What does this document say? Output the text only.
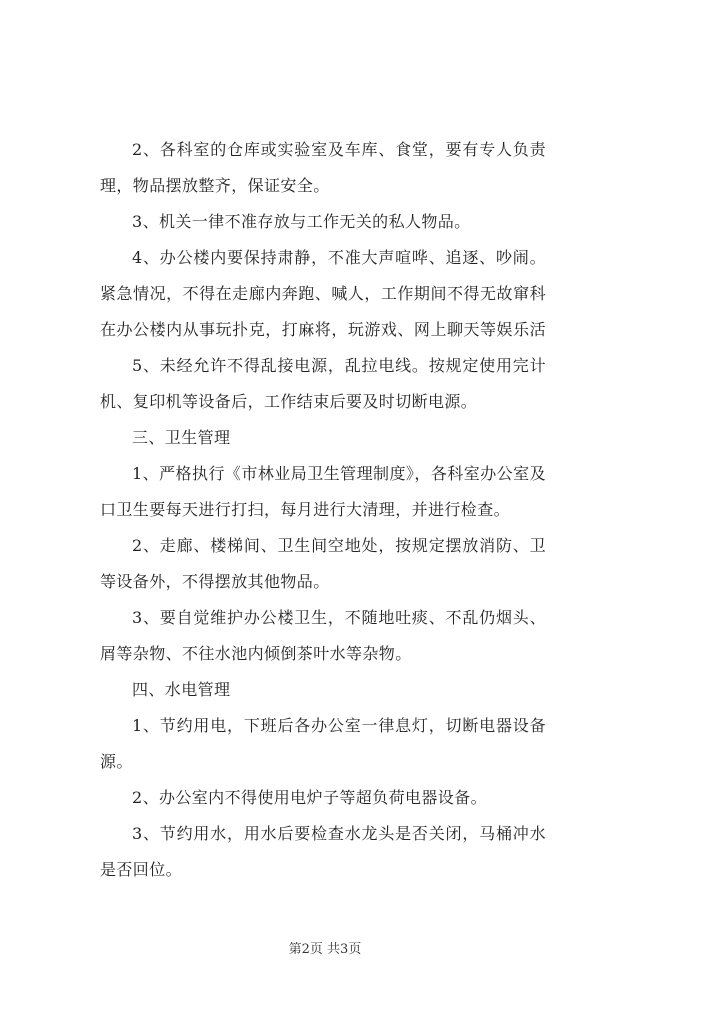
2、各科室的仓库或实验室及车库、食堂，要有专人负责
理，物品摆放整齐，保证安全。
3、机关一律不准存放与工作无关的私人物品。
4、办公楼内要保持肃静，不准大声喧哗、追逐、吵闹。
紧急情况，不得在走廊内奔跑、喊人，工作期间不得无故窜科
在办公楼内从事玩扑克，打麻将，玩游戏、网上聊天等娱乐活
5、未经允许不得乱接电源，乱拉电线。按规定使用完计
机、复印机等设备后，工作结束后要及时切断电源。
三、卫生管理
1、严格执行《市林业局卫生管理制度》，各科室办公室及
口卫生要每天进行打扫，每月进行大清理，并进行检查。
2、走廊、楼梯间、卫生间空地处，按规定摆放消防、卫
等设备外，不得摆放其他物品。
3、要自觉维护办公楼卫生，不随地吐痰、不乱仍烟头、
屑等杂物、不往水池内倾倒茶叶水等杂物。
四、水电管理
1、节约用电，下班后各办公室一律息灯，切断电器设备
源。
2、办公室内不得使用电炉子等超负荷电器设备。
3、节约用水，用水后要检查水龙头是否关闭，马桶冲水
是否回位。
第2页 共3页
